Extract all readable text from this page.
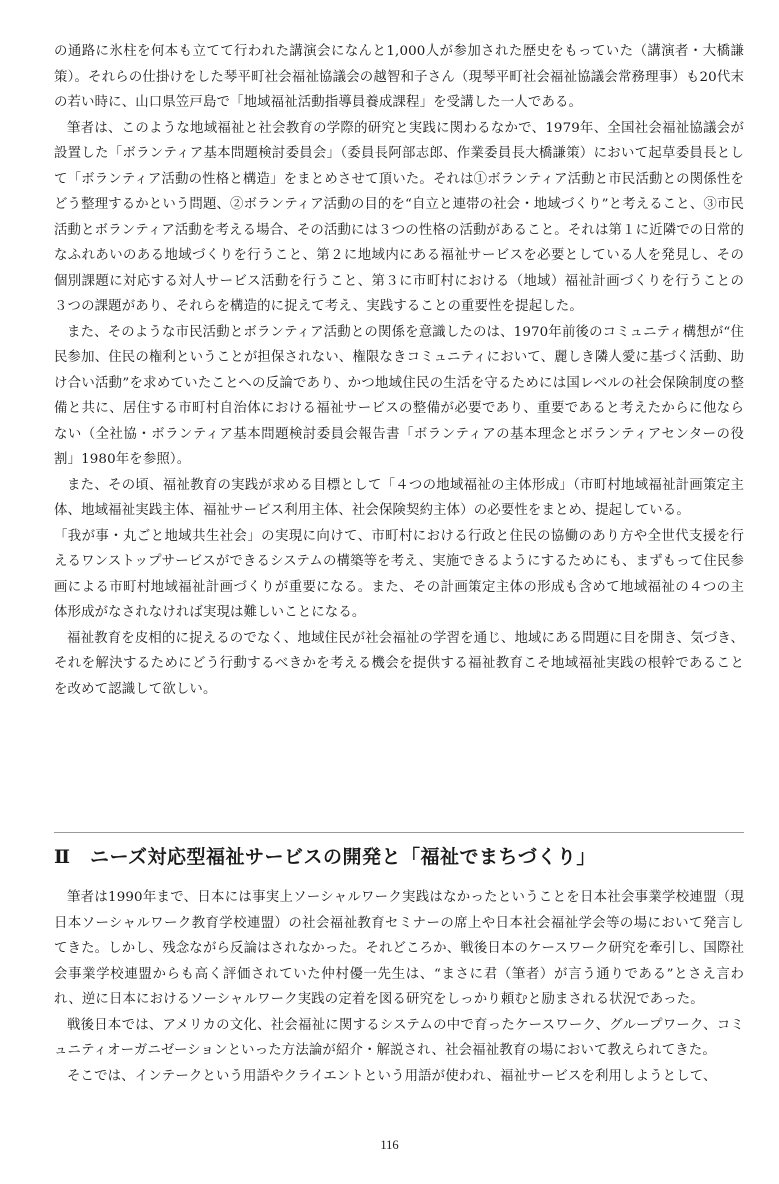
の通路に氷柱を何本も立てて行われた講演会になんと1,000人が参加された歴史をもっていた（講演者・大橋謙策）。それらの仕掛けをした琴平町社会福祉協議会の越智和子さん（現琴平町社会福祉協議会常務理事）も20代末の若い時に、山口県笠戸島で「地域福祉活動指導員養成課程」を受講した一人である。

筆者は、このような地域福祉と社会教育の学際的研究と実践に関わるなかで、1979年、全国社会福祉協議会が設置した「ボランティア基本問題検討委員会」（委員長阿部志郎、作業委員長大橋謙策）において起草委員長として「ボランティア活動の性格と構造」をまとめさせて頂いた。それは①ボランティア活動と市民活動との関係性をどう整理するかという問題、②ボランティア活動の目的を“自立と連帯の社会・地域づくり”と考えること、③市民活動とボランティア活動を考える場合、その活動には３つの性格の活動があること。それは第１に近隣での日常的なふれあいのある地域づくりを行うこと、第２に地域内にある福祉サービスを必要としている人を発見し、その個別課題に対応する対人サービス活動を行うこと、第３に市町村における（地域）福祉計画づくりを行うことの３つの課題があり、それらを構造的に捉えて考え、実践することの重要性を提起した。

また、そのような市民活動とボランティア活動との関係を意識したのは、1970年前後のコミュニティ構想が“住民参加、住民の権利ということが担保されない、権限なきコミュニティにおいて、麗しき隣人愛に基づく活動、助け合い活動”を求めていたことへの反論であり、かつ地域住民の生活を守るためには国レベルの社会保険制度の整備と共に、居住する市町村自治体における福祉サービスの整備が必要であり、重要であると考えたからに他ならない（全社協・ボランティア基本問題検討委員会報告書「ボランティアの基本理念とボランティアセンターの役割」1980年を参照）。

また、その頃、福祉教育の実践が求める目標として「４つの地域福祉の主体形成」（市町村地域福祉計画策定主体、地域福祉実践主体、福祉サービス利用主体、社会保険契約主体）の必要性をまとめ、提起している。

「我が事・丸ごと地域共生社会」の実現に向けて、市町村における行政と住民の協働のあり方や全世代支援を行えるワンストップサービスができるシステムの構築等を考え、実施できるようにするためにも、まずもって住民参画による市町村地域福祉計画づくりが重要になる。また、その計画策定主体の形成も含めて地域福祉の４つの主体形成がなされなければ実現は難しいことになる。

福祉教育を皮相的に捉えるのでなく、地域住民が社会福祉の学習を通じ、地域にある問題に目を開き、気づき、それを解決するためにどう行動するべきかを考える機会を提供する福祉教育こそ地域福祉実践の根幹であることを改めて認識して欲しい。

Ⅱ ニーズ対応型福祉サービスの開発と「福祉でまちづくり」

筆者は1990年まで、日本には事実上ソーシャルワーク実践はなかったということを日本社会事業学校連盟（現日本ソーシャルワーク教育学校連盟）の社会福祉教育セミナーの席上や日本社会福祉学会等の場において発言してきた。しかし、残念ながら反論はされなかった。それどころか、戦後日本のケースワーク研究を牽引し、国際社会事業学校連盟からも高く評価されていた仲村優一先生は、“まさに君（筆者）が言う通りである”とさえ言われ、逆に日本におけるソーシャルワーク実践の定着を図る研究をしっかり頼むと励まされる状況であった。

戦後日本では、アメリカの文化、社会福祉に関するシステムの中で育ったケースワーク、グループワーク、コミュニティオーガニゼーションといった方法論が紹介・解説され、社会福祉教育の場において教えられてきた。

そこでは、インテークという用語やクライエントという用語が使われ、福祉サービスを利用しようとして、

116
